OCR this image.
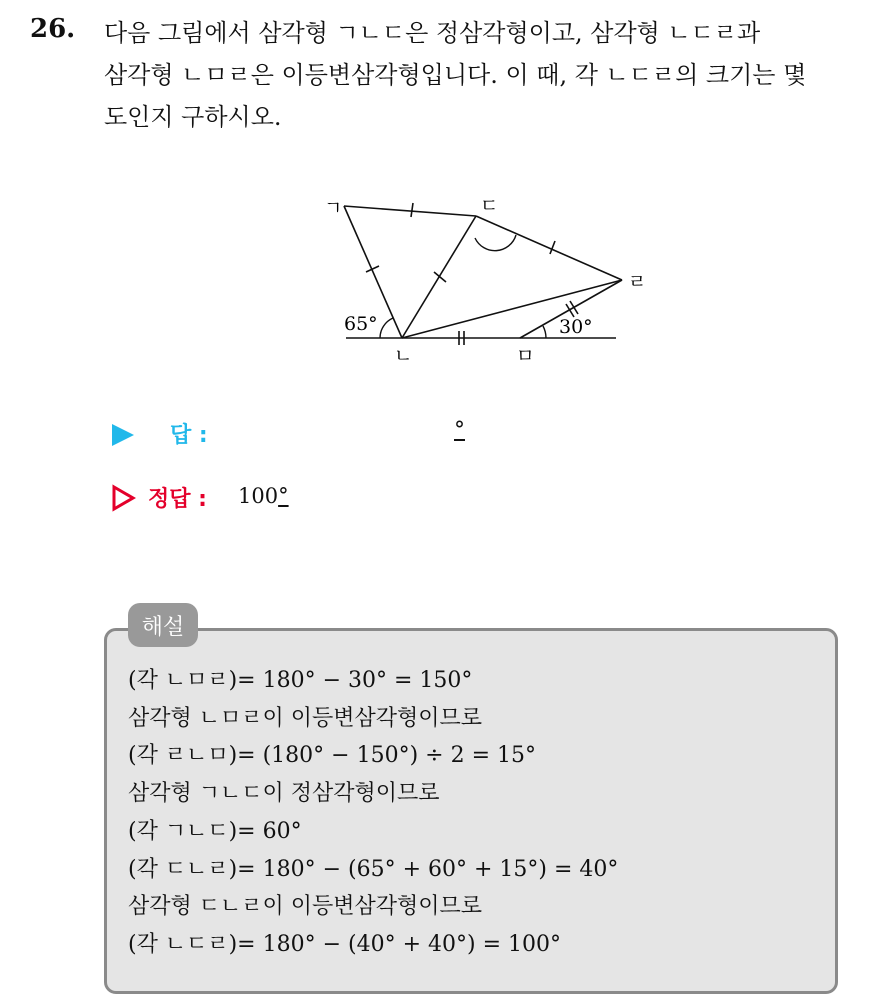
26. 다음 그림에서 삼각형 ㄱㄴㄷ은 정삼각형이고, 삼각형 ㄴㄷㄹ과
삼각형 ㄴㅁㄹ은 이등변삼각형입니다. 이 때, 각 ㄴㄷㄹ의 크기는 몇
도인지 구하시오.
ㄱ	ㄷ
ㄹ
ㄴ	ㅁ
65°	30°
답 :	°
정답 : 100°
해설
(각 ㄴㅁㄹ)= 180° − 30° = 150°
삼각형 ㄴㅁㄹ이 이등변삼각형이므로
(각 ㄹㄴㅁ)= (180° − 150°) ÷ 2 = 15°
삼각형 ㄱㄴㄷ이 정삼각형이므로
(각 ㄱㄴㄷ)= 60°
(각 ㄷㄴㄹ)= 180° − (65° + 60° + 15°) = 40°
삼각형 ㄷㄴㄹ이 이등변삼각형이므로
(각 ㄴㄷㄹ)= 180° − (40° + 40°) = 100°
